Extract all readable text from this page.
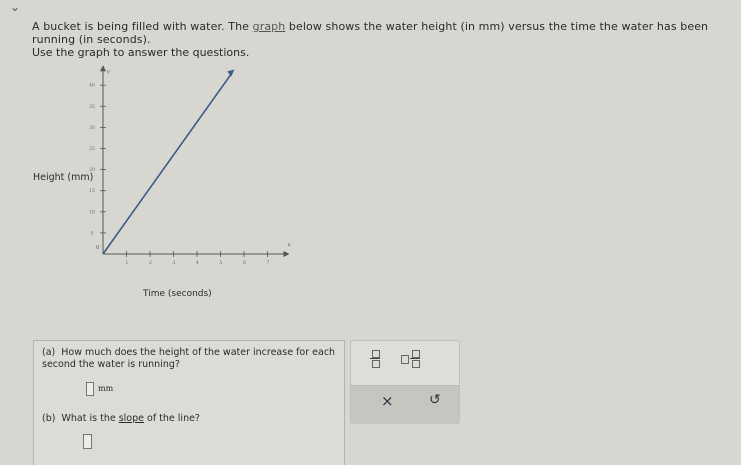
⌄
A bucket is being filled with water. The graph below shows the water height (in mm) versus the time the water has been running (in seconds).
Use the graph to answer the questions.
Height (mm)
x
y
0
1	2	3	4	5	6	7
5
10
15
20
25
30
35
40
Time (seconds)
(a) How much does the height of the water increase for each second the water is running?
mm
(b) What is the slope of the line?
×	↺
